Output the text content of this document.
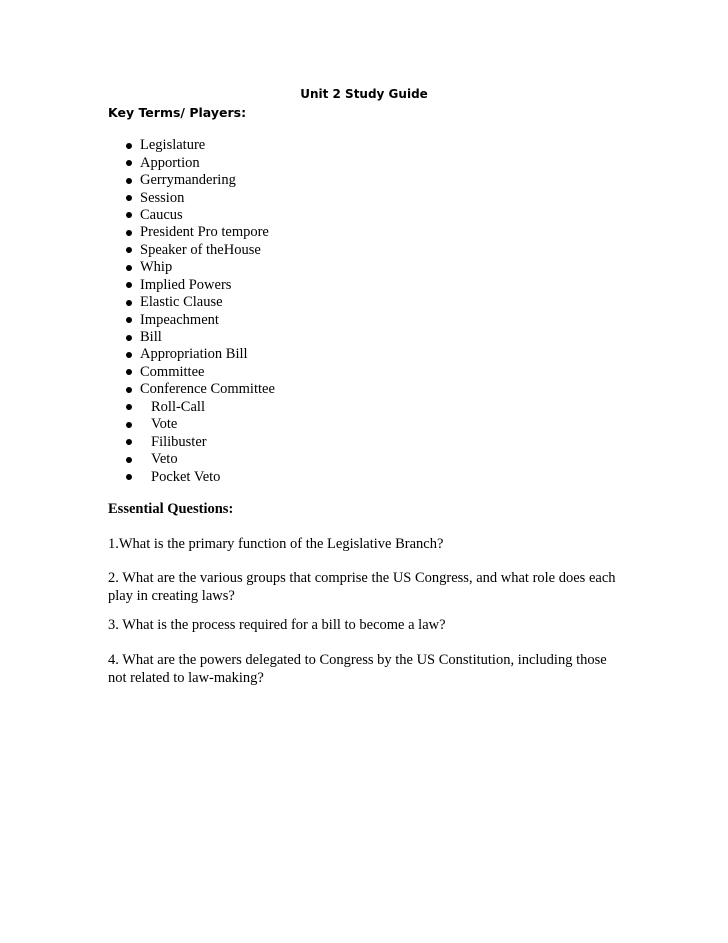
Unit 2 Study Guide
Key Terms/ Players:
Legislature
Apportion
Gerrymandering
Session
Caucus
President Pro tempore
Speaker of theHouse
Whip
Implied Powers
Elastic Clause
Impeachment
Bill
Appropriation Bill
Committee
Conference Committee
Roll-Call
Vote
Filibuster
Veto
Pocket Veto
Essential Questions:

1.What is the primary function of the Legislative Branch?

2. What are the various groups that comprise the US Congress, and what role does each play in creating laws?

3. What is the process required for a bill to become a law?

4. What are the powers delegated to Congress by the US Constitution, including those not related to law-making?
